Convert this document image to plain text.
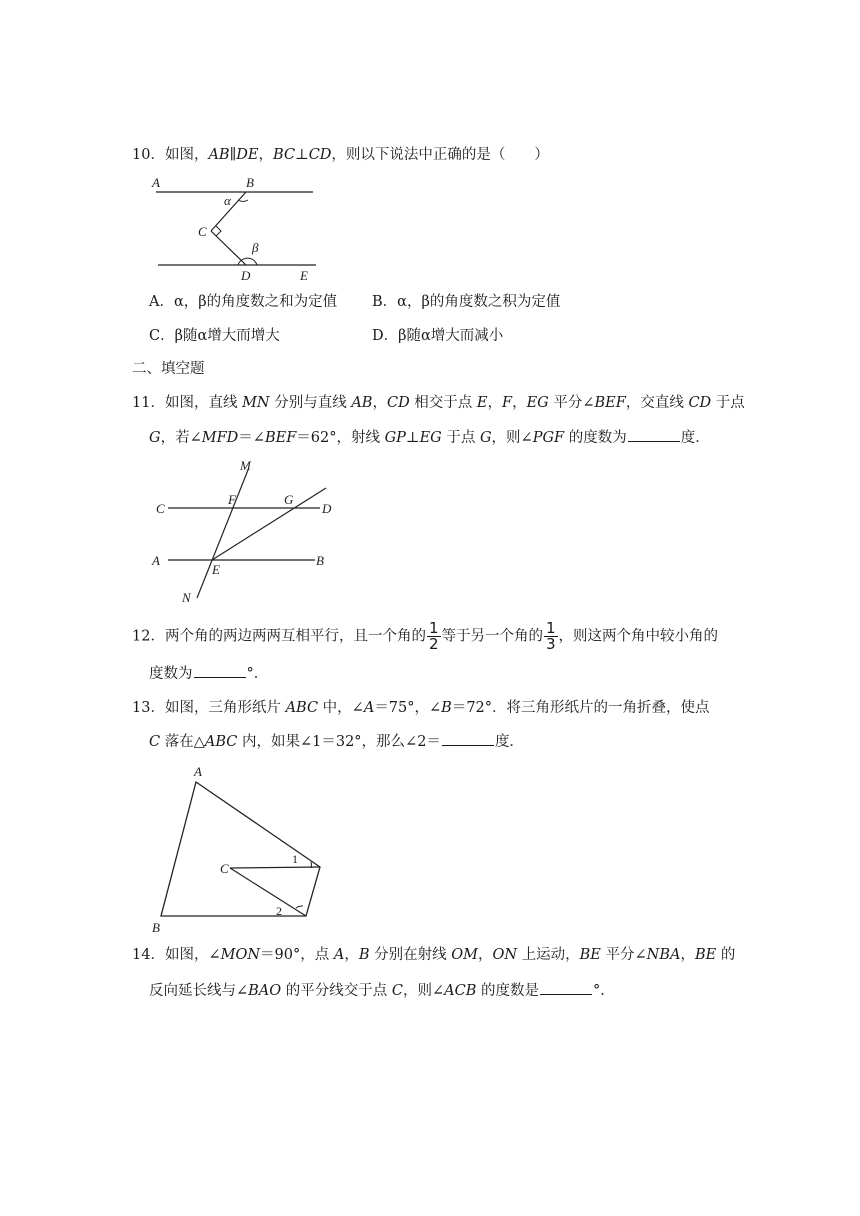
10．如图，AB∥DE，BC⊥CD，则以下说法中正确的是（　　）
A	B
C
D	E
α
β
A．α，β的角度数之和为定值 B．α，β的角度数之积为定值
C．β随α增大而增大	D．β随α增大而减小
二、填空题
11．如图，直线 MN 分别与直线 AB，CD 相交于点 E，F，EG 平分∠BEF，交直线 CD 于点
G，若∠MFD＝∠BEF＝62°，射线 GP⊥EG 于点 G，则∠PGF 的度数为	度．
M
F	G
C	D
A
E
B
N
12．两个角的两边两两互相平行，且一个角的 $\frac{1}{2}$ 等于另一个角的 $\frac{1}{3}$ ，则这两个角中较小角的
度数为	°．
13．如图，三角形纸片 ABC 中，∠A＝75°，∠B＝72°．将三角形纸片的一角折叠，使点
C 落在△ABC 内，如果∠1＝32°，那么∠2＝	度．
A
B
C
1
2
14．如图，∠MON＝90°，点 A，B 分别在射线 OM，ON 上运动，BE 平分∠NBA，BE 的
反向延长线与∠BAO 的平分线交于点 C，则∠ACB 的度数是	°．
